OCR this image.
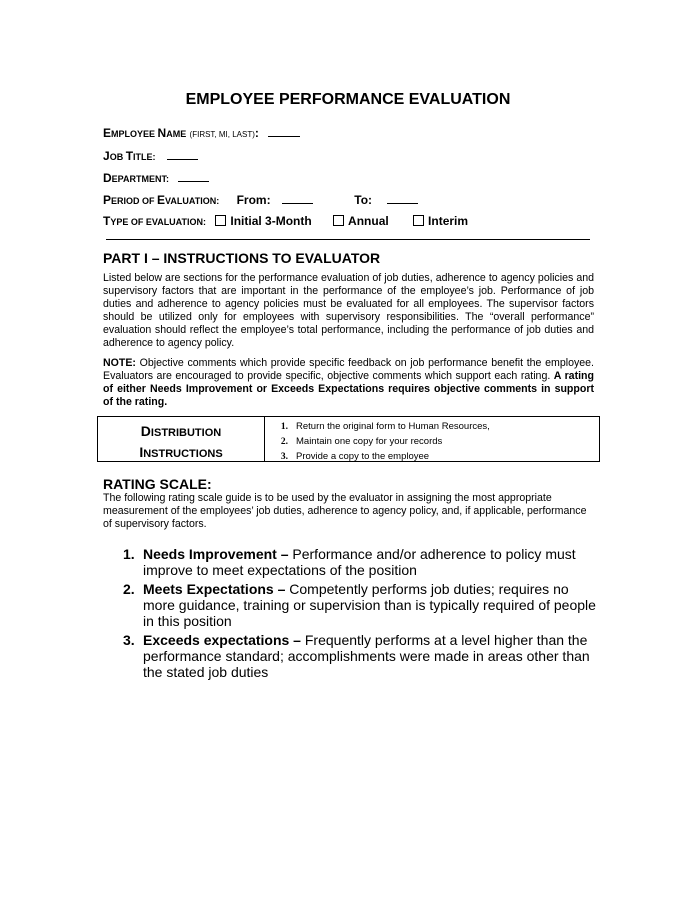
EMPLOYEE PERFORMANCE EVALUATION
EMPLOYEE NAME (FIRST, MI, LAST):
JOB TITLE:
DEPARTMENT:
PERIOD OF EVALUATION: From:	To:
TYPE OF EVALUATION: Initial 3-Month	Annual	Interim
PART I – INSTRUCTIONS TO EVALUATOR
Listed below are sections for the performance evaluation of job duties, adherence to agency policies and supervisory factors that are important in the performance of the employee’s job. Performance of job duties and adherence to agency policies must be evaluated for all employees. The supervisor factors should be utilized only for employees with supervisory responsibilities. The “overall performance” evaluation should reflect the employee’s total performance, including the performance of job duties and adherence to agency policy.
NOTE: Objective comments which provide specific feedback on job performance benefit the employee. Evaluators are encouraged to provide specific, objective comments which support each rating. A rating of either Needs Improvement or Exceeds Expectations requires objective comments in support of the rating.
DISTRIBUTION
INSTRUCTIONS
1. Return the original form to Human Resources,
2. Maintain one copy for your records
3. Provide a copy to the employee
RATING SCALE:
The following rating scale guide is to be used by the evaluator in assigning the most appropriate measurement of the employees’ job duties, adherence to agency policy, and, if applicable, performance of supervisory factors.
1. Needs Improvement – Performance and/or adherence to policy must improve to meet expectations of the position
2. Meets Expectations – Competently performs job duties; requires no more guidance, training or supervision than is typically required of people in this position
3. Exceeds expectations – Frequently performs at a level higher than the performance standard; accomplishments were made in areas other than the stated job duties
